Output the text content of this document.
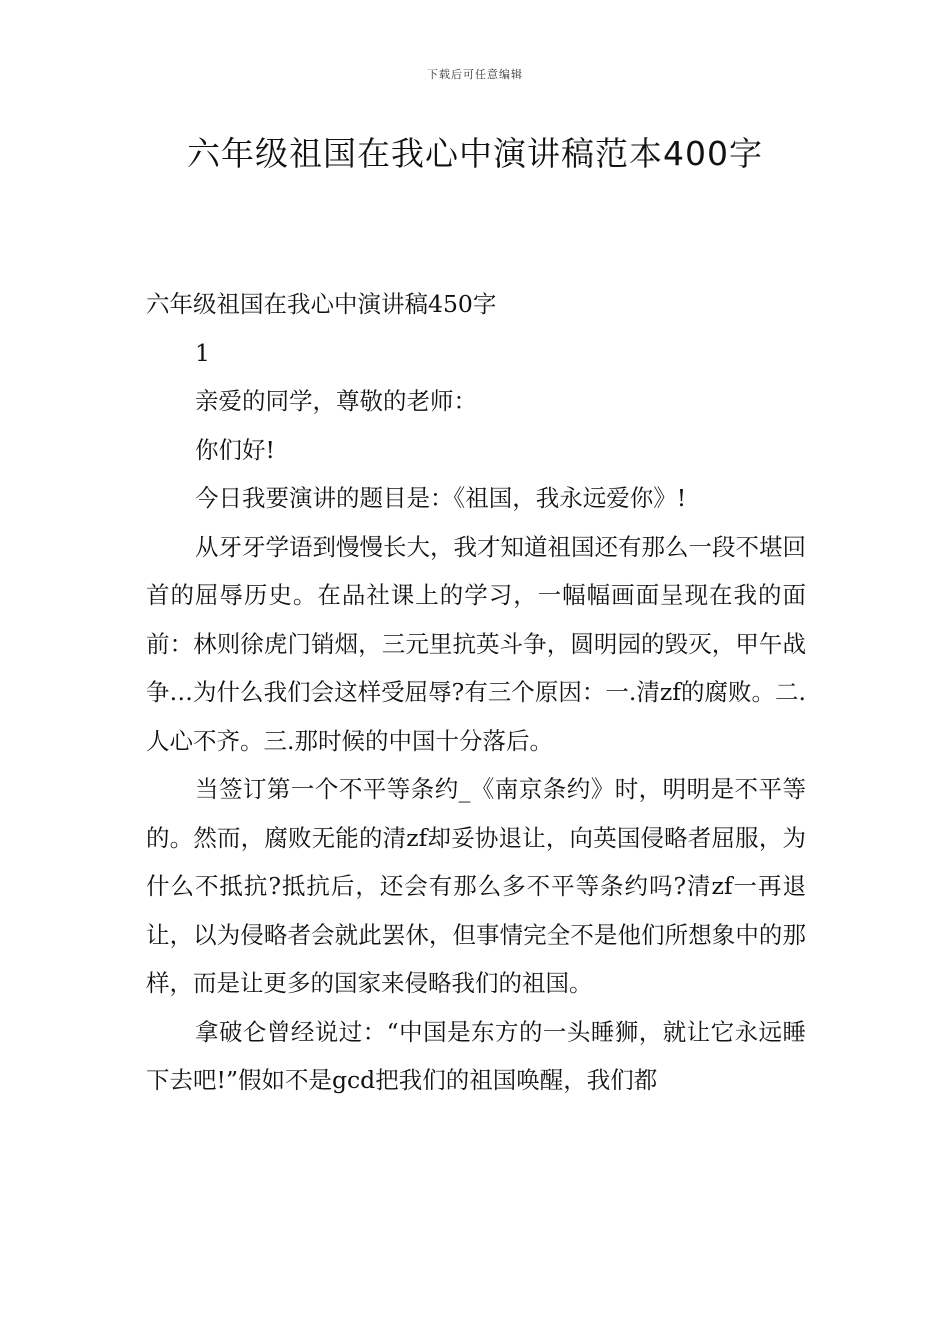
下载后可任意编辑
六年级祖国在我心中演讲稿范本400字

六年级祖国在我心中演讲稿450字

1

亲爱的同学，尊敬的老师：

你们好!

今日我要演讲的题目是：《祖国，我永远爱你》!

从牙牙学语到慢慢长大，我才知道祖国还有那么一段不堪回首的屈辱历史。在品社课上的学习，一幅幅画面呈现在我的面前：林则徐虎门销烟，三元里抗英斗争，圆明园的毁灭，甲午战争…为什么我们会这样受屈辱?有三个原因：一.清zf的腐败。二.人心不齐。三.那时候的中国十分落后。

当签订第一个不平等条约_《南京条约》时，明明是不平等的。然而，腐败无能的清zf却妥协退让，向英国侵略者屈服，为什么不抵抗?抵抗后，还会有那么多不平等条约吗?清zf一再退让，以为侵略者会就此罢休，但事情完全不是他们所想象中的那样，而是让更多的国家来侵略我们的祖国。

拿破仑曾经说过：“中国是东方的一头睡狮，就让它永远睡下去吧!”假如不是gcd把我们的祖国唤醒，我们都
